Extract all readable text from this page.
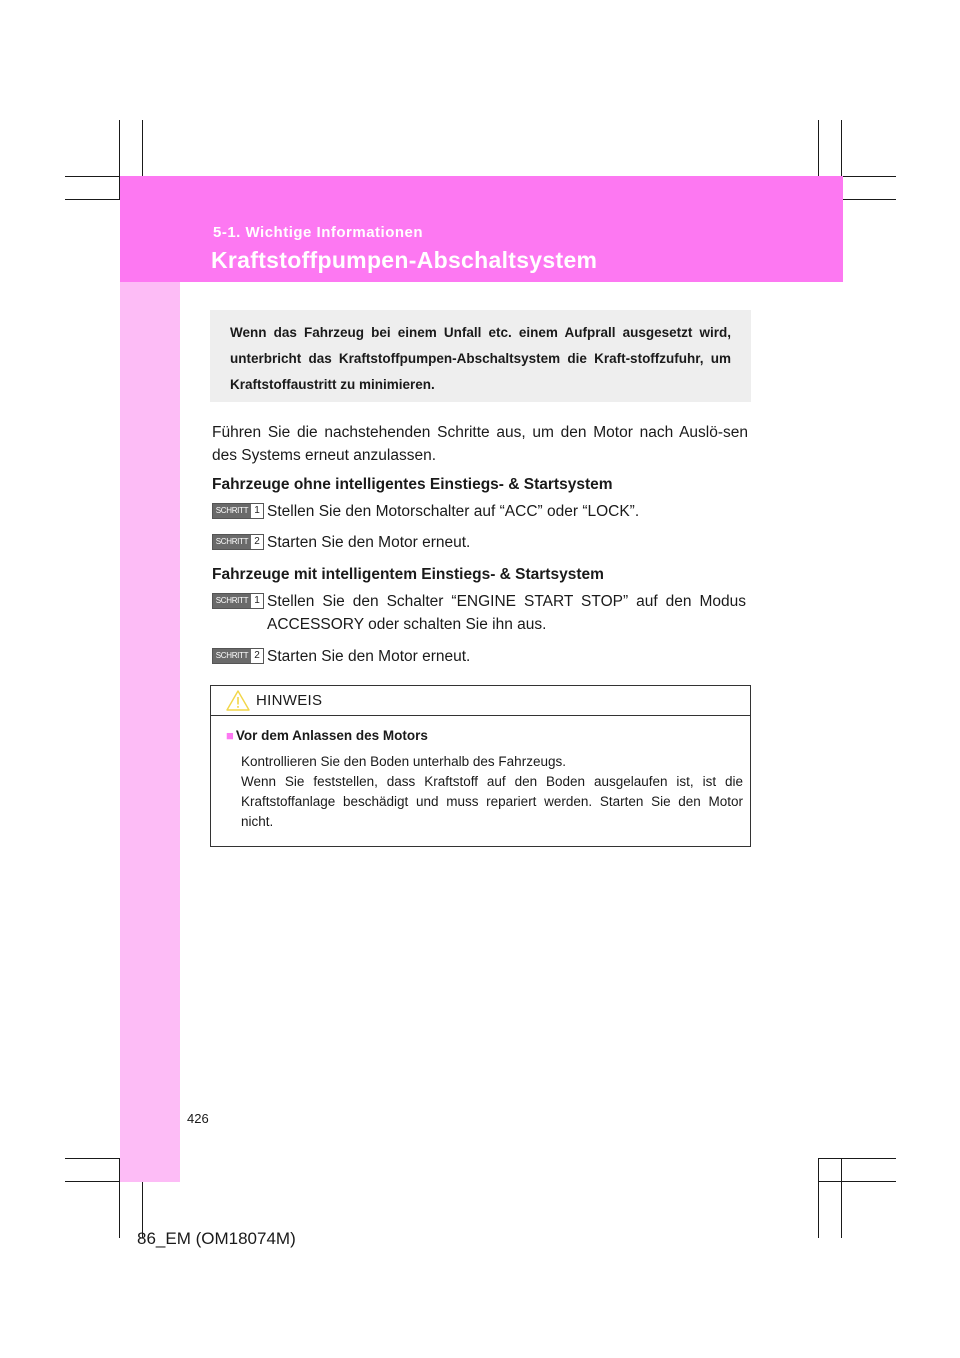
5-1. Wichtige Informationen
Kraftstoffpumpen-Abschaltsystem
Wenn das Fahrzeug bei einem Unfall etc. einem Aufprall ausgesetzt wird, unterbricht das Kraftstoffpumpen-Abschaltsystem die Kraft-stoffzufuhr, um Kraftstoffaustritt zu minimieren.
Führen Sie die nachstehenden Schritte aus, um den Motor nach Auslö-sen des Systems erneut anzulassen.
Fahrzeuge ohne intelligentes Einstiegs- & Startsystem
SCHRITT 1 Stellen Sie den Motorschalter auf “ACC” oder “LOCK”.
SCHRITT 2 Starten Sie den Motor erneut.
Fahrzeuge mit intelligentem Einstiegs- & Startsystem
SCHRITT 1 Stellen Sie den Schalter “ENGINE START STOP” auf den Modus ACCESSORY oder schalten Sie ihn aus.
SCHRITT 2 Starten Sie den Motor erneut.
HINWEIS
■ Vor dem Anlassen des Motors

Kontrollieren Sie den Boden unterhalb des Fahrzeugs.

Wenn Sie feststellen, dass Kraftstoff auf den Boden ausgelaufen ist, ist die Kraftstoffanlage beschädigt und muss repariert werden. Starten Sie den Motor nicht.

426
86_EM (OM18074M)
